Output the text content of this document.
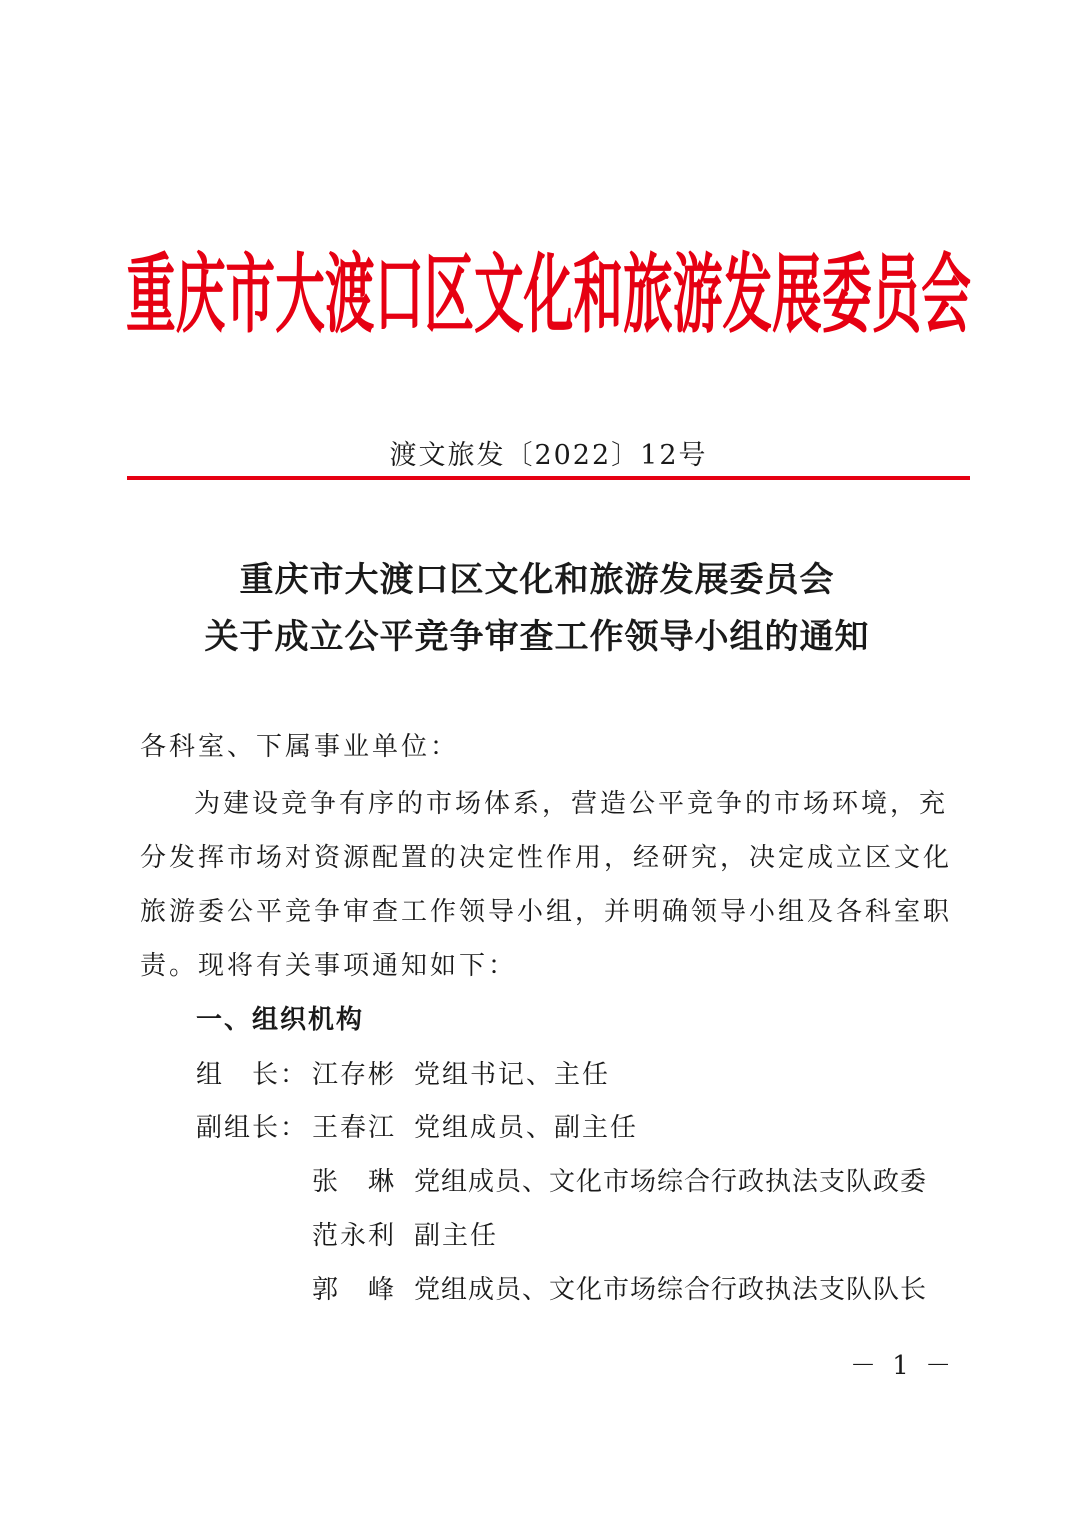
重庆市大渡口区文化和旅游发展委员会
渡文旅发〔2022〕12号
重庆市大渡口区文化和旅游发展委员会
关于成立公平竞争审查工作领导小组的通知
各科室、下属事业单位：
为建设竞争有序的市场体系，营造公平竞争的市场环境，充
分发挥市场对资源配置的决定性作用，经研究，决定成立区文化
旅游委公平竞争审查工作领导小组，并明确领导小组及各科室职
责。现将有关事项通知如下：
一、组织机构
组　长： 江存彬 党组书记、主任
副组长： 王春江 党组成员、副主任
张　琳 党组成员、文化市场综合行政执法支队政委
范永利 副主任
郭　峰 党组成员、文化市场综合行政执法支队队长
－ 1 －
